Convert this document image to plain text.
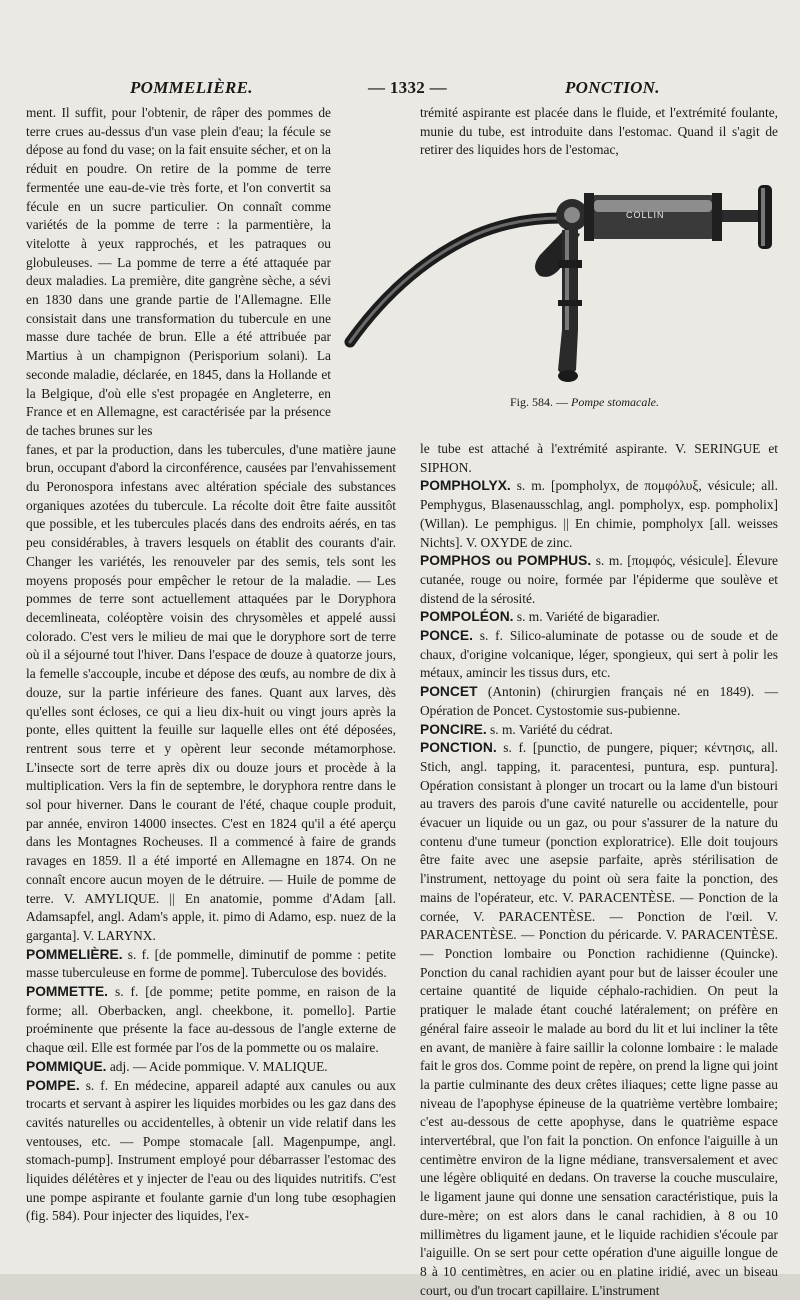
POMMELIÈRE.	— 1332 —	PONCTION.

ment. Il suffit, pour l'obtenir, de râper des pommes de terre crues au-dessus d'un vase plein d'eau; la fécule se dépose au fond du vase; on la fait ensuite sécher, et on la réduit en poudre. On retire de la pomme de terre fermentée une eau-de-vie très forte, et l'on convertit sa fécule en un sucre particulier. On connaît comme variétés de la pomme de terre : la parmentière, la vitelotte à yeux rapprochés, et les patraques ou globuleuses. — La pomme de terre a été attaquée par deux maladies. La première, dite gangrène sèche, a sévi en 1830 dans une grande partie de l'Allemagne. Elle consistait dans une transformation du tubercule en une masse dure tachée de brun. Elle a été attribuée par Martius à un champignon (Perisporium solani). La seconde maladie, déclarée, en 1845, dans la Hollande et la Belgique, d'où elle s'est propagée en Angleterre, en France et en Allemagne, est caractérisée par la présence de taches brunes sur les

fanes, et par la production, dans les tubercules, d'une matière jaune brun, occupant d'abord la circonférence, causées par l'envahissement du Peronospora infestans avec altération spéciale des substances organiques azotées du tubercule. La récolte doit être faite aussitôt que possible, et les tubercules placés dans des endroits aérés, en tas peu considérables, à travers lesquels on établit des courants d'air. Changer les variétés, les renouveler par des semis, tels sont les moyens proposés pour empêcher le retour de la maladie. — Les pommes de terre sont actuellement attaquées par le Doryphora decemlineata, coléoptère voisin des chrysomèles et appelé aussi colorado. C'est vers le milieu de mai que le doryphore sort de terre où il a séjourné tout l'hiver. Dans l'espace de douze à quatorze jours, la femelle s'accouple, incube et dépose des œufs, au nombre de dix à douze, sur la partie inférieure des fanes. Quant aux larves, dès qu'elles sont écloses, ce qui a lieu dix-huit ou vingt jours après la ponte, elles quittent la feuille sur laquelle elles ont été déposées, rentrent sous terre et y opèrent leur seconde métamorphose. L'insecte sort de terre après dix ou douze jours et procède à la multiplication. Vers la fin de septembre, le doryphora rentre dans le sol pour hiverner. Dans le courant de l'été, chaque couple produit, par année, environ 14000 insectes. C'est en 1824 qu'il a été aperçu dans les Montagnes Rocheuses. Il a commencé à faire de grands ravages en 1859. Il a été importé en Allemagne en 1874. On ne connaît encore aucun moyen de le détruire. — Huile de pomme de terre. V. AMYLIQUE. || En anatomie, pomme d'Adam [all. Adamsapfel, angl. Adam's apple, it. pimo di Adamo, esp. nuez de la garganta]. V. LARYNX.

POMMELIÈRE. s. f. [de pommelle, diminutif de pomme : petite masse tuberculeuse en forme de pomme]. Tuberculose des bovidés.

POMMETTE. s. f. [de pomme; petite pomme, en raison de la forme; all. Oberbacken, angl. cheekbone, it. pomello]. Partie proéminente que présente la face au-dessous de l'angle externe de chaque œil. Elle est formée par l'os de la pommette ou os malaire.

POMMIQUE. adj. — Acide pommique. V. MALIQUE.

POMPE. s. f. En médecine, appareil adapté aux canules ou aux trocarts et servant à aspirer les liquides morbides ou les gaz dans des cavités naturelles ou accidentelles, à obtenir un vide relatif dans les ventouses, etc. — Pompe stomacale [all. Magenpumpe, angl. stomach-pump]. Instrument employé pour débarrasser l'estomac des liquides délétères et y injecter de l'eau ou des liquides nutritifs. C'est une pompe aspirante et foulante garnie d'un long tube œsophagien (fig. 584). Pour injecter des liquides, l'ex-

trémité aspirante est placée dans le fluide, et l'extrémité foulante, munie du tube, est introduite dans l'estomac. Quand il s'agit de retirer des liquides hors de l'estomac,

COLLIN
Fig. 584. — Pompe stomacale.

le tube est attaché à l'extrémité aspirante. V. SERINGUE et SIPHON.

POMPHOLYX. s. m. [pompholyx, de πομφόλυξ, vésicule; all. Pemphygus, Blasenausschlag, angl. pompholyx, esp. pompholix] (Willan). Le pemphigus. || En chimie, pompholyx [all. weisses Nichts]. V. OXYDE de zinc.

POMPHOS ou POMPHUS. s. m. [πομφός, vésicule]. Élevure cutanée, rouge ou noire, formée par l'épiderme que soulève et distend de la sérosité.

POMPOLÉON. s. m. Variété de bigaradier.

PONCE. s. f. Silico-aluminate de potasse ou de soude et de chaux, d'origine volcanique, léger, spongieux, qui sert à polir les métaux, amincir les tissus durs, etc.

PONCET (Antonin) (chirurgien français né en 1849). — Opération de Poncet. Cystostomie sus-pubienne.

PONCIRE. s. m. Variété du cédrat.

PONCTION. s. f. [punctio, de pungere, piquer; κέντησις, all. Stich, angl. tapping, it. paracentesi, puntura, esp. puntura]. Opération consistant à plonger un trocart ou la lame d'un bistouri au travers des parois d'une cavité naturelle ou accidentelle, pour évacuer un liquide ou un gaz, ou pour s'assurer de la nature du contenu d'une tumeur (ponction exploratrice). Elle doit toujours être faite avec une asepsie parfaite, après stérilisation de l'instrument, nettoyage du point où sera faite la ponction, des mains de l'opérateur, etc. V. PARACENTÈSE. — Ponction de la cornée, V. PARACENTÈSE. — Ponction de l'œil. V. PARACENTÈSE. — Ponction du péricarde. V. PARACENTÈSE. — Ponction lombaire ou Ponction rachidienne (Quincke). Ponction du canal rachidien ayant pour but de laisser écouler une certaine quantité de liquide céphalo-rachidien. On peut la pratiquer le malade étant couché latéralement; on préfère en général faire asseoir le malade au bord du lit et lui incliner la tête en avant, de manière à faire saillir la colonne lombaire : le malade fait le gros dos. Comme point de repère, on prend la ligne qui joint la partie culminante des deux crêtes iliaques; cette ligne passe au niveau de l'apophyse épineuse de la quatrième vertèbre lombaire; c'est au-dessous de cette apophyse, dans le quatrième espace intervertébral, que l'on fait la ponction. On enfonce l'aiguille à un centimètre environ de la ligne médiane, transversalement et avec une légère obliquité en dedans. On traverse la couche musculaire, le ligament jaune qui donne une sensation caractéristique, puis la dure-mère; on est alors dans le canal rachidien, à 8 ou 10 millimètres du ligament jaune, et le liquide rachidien s'écoule par l'aiguille. On se sert pour cette opération d'une aiguille longue de 8 à 10 centimètres, en acier ou en platine iridié, avec un biseau court, ou d'un trocart capillaire. L'instrument
